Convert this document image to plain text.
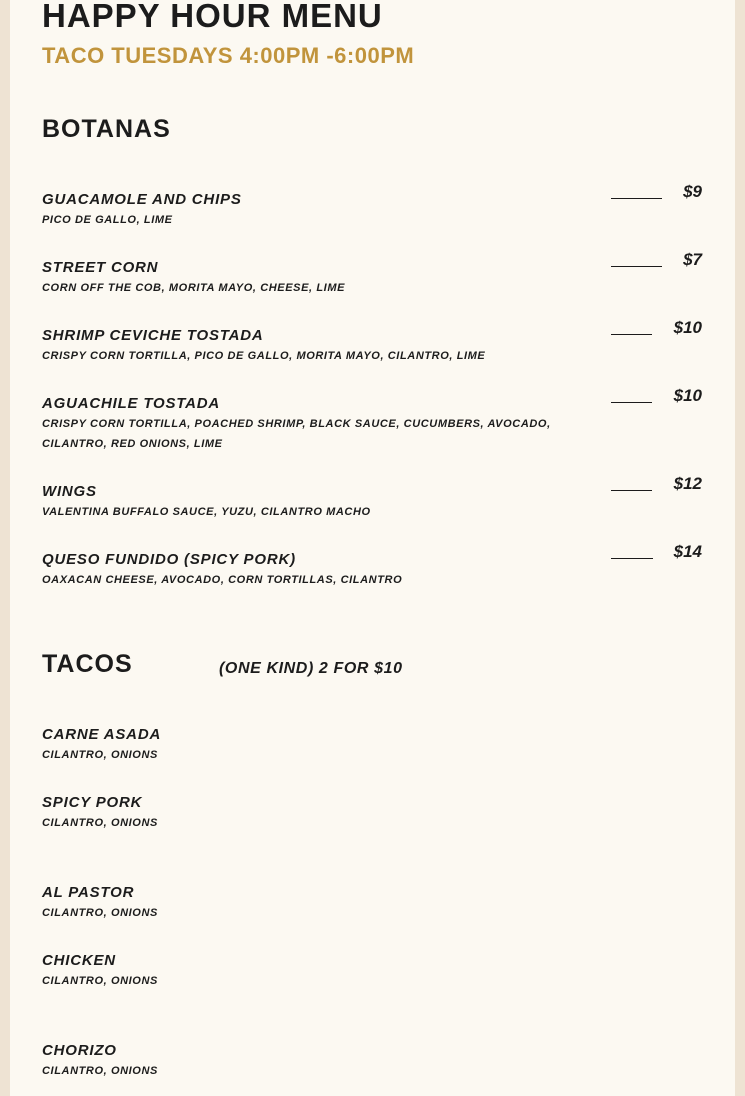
HAPPY HOUR MENU
TACO TUESDAYS 4:00PM -6:00PM
BOTANAS
GUACAMOLE AND CHIPS
PICO DE GALLO, LIME
$9
STREET CORN
CORN OFF THE COB, MORITA MAYO, CHEESE, LIME
$7
SHRIMP CEVICHE TOSTADA
CRISPY CORN TORTILLA, PICO DE GALLO, MORITA MAYO, CILANTRO, LIME
$10
AGUACHILE TOSTADA
CRISPY CORN TORTILLA, POACHED SHRIMP, BLACK SAUCE, CUCUMBERS, AVOCADO, CILANTRO, RED ONIONS, LIME
$10
WINGS
VALENTINA BUFFALO SAUCE, YUZU, CILANTRO MACHO
$12
QUESO FUNDIDO (SPICY PORK)
OAXACAN CHEESE, AVOCADO, CORN TORTILLAS, CILANTRO
$14
TACOS	(ONE KIND) 2 FOR $10
CARNE ASADA
CILANTRO, ONIONS
SPICY PORK
CILANTRO, ONIONS
AL PASTOR
CILANTRO, ONIONS
CHICKEN
CILANTRO, ONIONS
CHORIZO
CILANTRO, ONIONS
